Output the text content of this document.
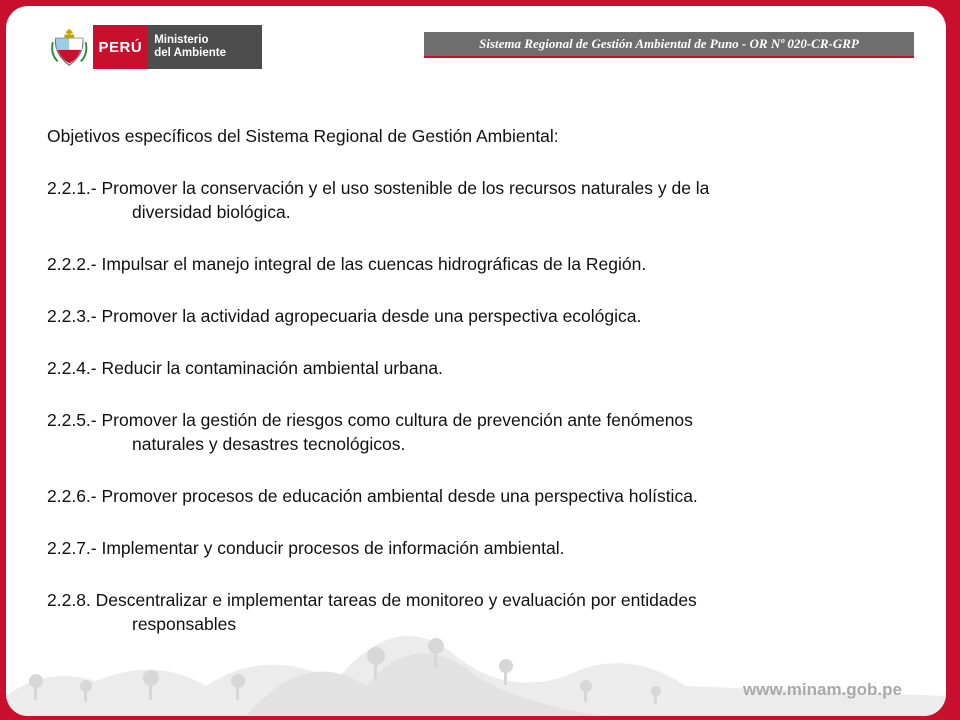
PERÚ	Ministerio
del Ambiente
Sistema Regional de Gestión Ambiental de Puno - OR Nº 020-CR-GRP

Objetivos específicos del Sistema Regional de Gestión Ambiental:

2.2.1.- Promover la conservación y el uso sostenible de los recursos naturales y de la
diversidad biológica.

2.2.2.- Impulsar el manejo integral de las cuencas hidrográficas de la Región.

2.2.3.- Promover la actividad agropecuaria desde una perspectiva ecológica.

2.2.4.- Reducir la contaminación ambiental urbana.

2.2.5.- Promover la gestión de riesgos como cultura de prevención ante fenómenos
naturales y desastres tecnológicos.

2.2.6.- Promover procesos de educación ambiental desde una perspectiva holística.

2.2.7.- Implementar y conducir procesos de información ambiental.

2.2.8. Descentralizar e implementar tareas de monitoreo y evaluación por entidades
responsables

www.minam.gob.pe
